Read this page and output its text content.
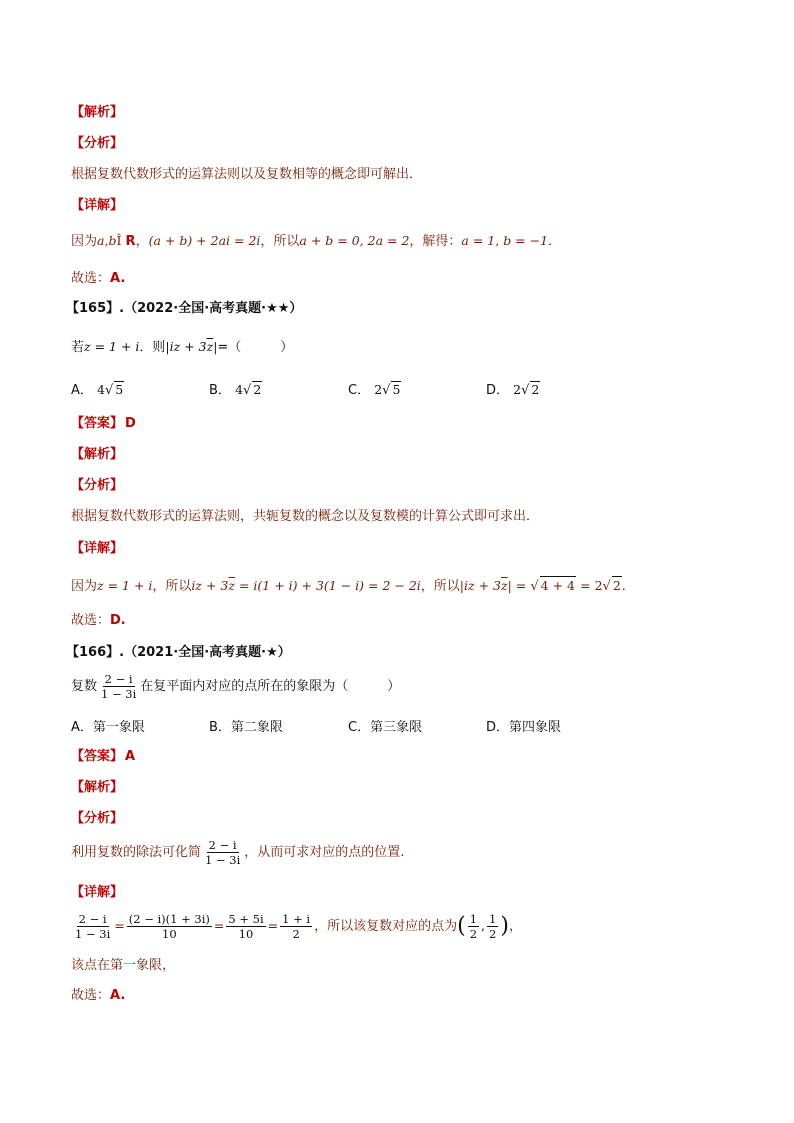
【解析】
【分析】
根据复数代数形式的运算法则以及复数相等的概念即可解出．
【详解】
因为a,bÎ R，(a + b) + 2ai = 2i，所以a + b = 0, 2a = 2，解得：a = 1, b = −1．
故选：A.
【165】.（2022·全国·高考真题·★★）
若z = 1 + i．则$|iz + 3\overline{z}|=$（　　　）
A． 4√ 5	B． 4√ 2	C． 2√ 5	D． 2√ 2
【答案】 D
【解析】
【分析】
根据复数代数形式的运算法则，共轭复数的概念以及复数模的计算公式即可求出．
【详解】
因为z = 1 + i，所以iz + $3\overline{z} = i(1 + i) + 3(1 - i) = 2 - 2i$，所以$|iz + 3\overline{z}|$ = √ 4 + 4 = 2√ 2．
故选：D.
【166】.（2021·全国·高考真题·★）
复数 $\frac{2 - i}{1 - 3i}$ 在复平面内对应的点所在的象限为（　　　）
A．第一象限	B．第二象限	C．第三象限	D．第四象限
【答案】 A
【解析】
【分析】
利用复数的除法可化简 $\frac{2 - i}{1 - 3i}$ ，从而可求对应的点的位置.
【详解】
$\frac{2 - i}{1 - 3i} = \frac{(2 - i)(1 + 3i)}{10} = \frac{5 + 5i}{10} = \frac{1 + i}{2}$ ，所以该复数对应的点为( $\frac{1}{2}$ , $\frac{1}{2}$ )，
该点在第一象限，
故选：A.
